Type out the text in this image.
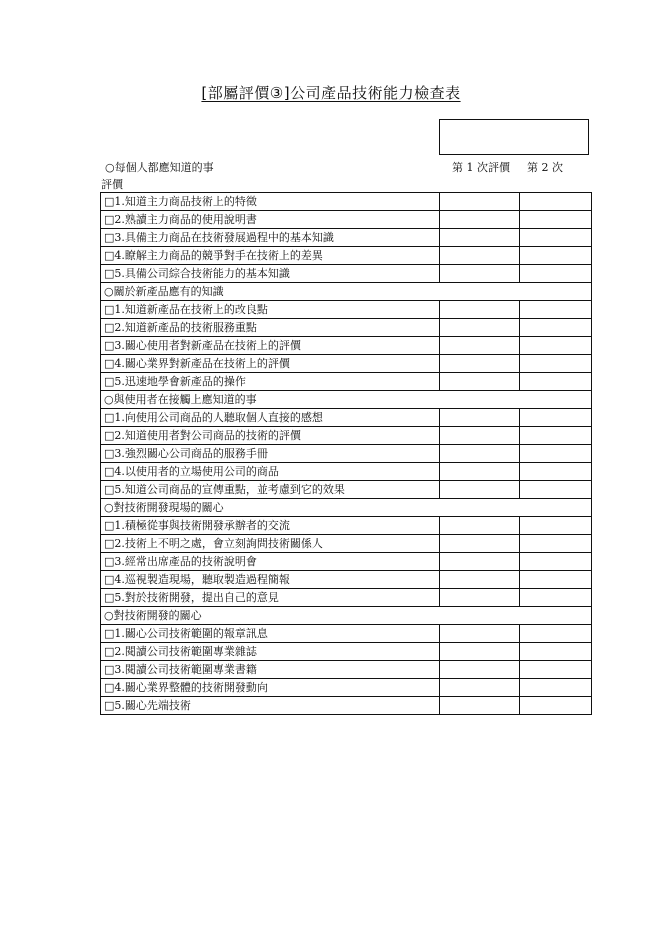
[部屬評價③]公司產品技術能力檢查表
○每個人都應知道的事	第 1 次評價 第 2 次
評價
□1.知道主力商品技術上的特徵		
□2.熟讀主力商品的使用說明書		
□3.具備主力商品在技術發展過程中的基本知識		
□4.瞭解主力商品的競爭對手在技術上的差異		
□5.具備公司綜合技術能力的基本知識		
○關於新產品應有的知識		
□1.知道新產品在技術上的改良點		
□2.知道新產品的技術服務重點		
□3.關心使用者對新產品在技術上的評價		
□4.關心業界對新產品在技術上的評價		
□5.迅速地學會新產品的操作		
○與使用者在接觸上應知道的事		
□1.向使用公司商品的人聽取個人直接的感想		
□2.知道使用者對公司商品的技術的評價		
□3.強烈關心公司商品的服務手冊		
□4.以使用者的立場使用公司的商品		
□5.知道公司商品的宣傳重點，並考慮到它的效果		
○對技術開發現場的關心		
□1.積極從事與技術開發承辦者的交流		
□2.技術上不明之處，會立刻詢問技術關係人		
□3.經常出席產品的技術說明會		
□4.巡視製造現場，聽取製造過程簡報		
□5.對於技術開發，提出自己的意見		
○對技術開發的關心		
□1.關心公司技術範圍的報章訊息		
□2.閱讀公司技術範圍專業雜誌		
□3.閱讀公司技術範圍專業書籍		
□4.關心業界整體的技術開發動向		
□5.關心先端技術		
